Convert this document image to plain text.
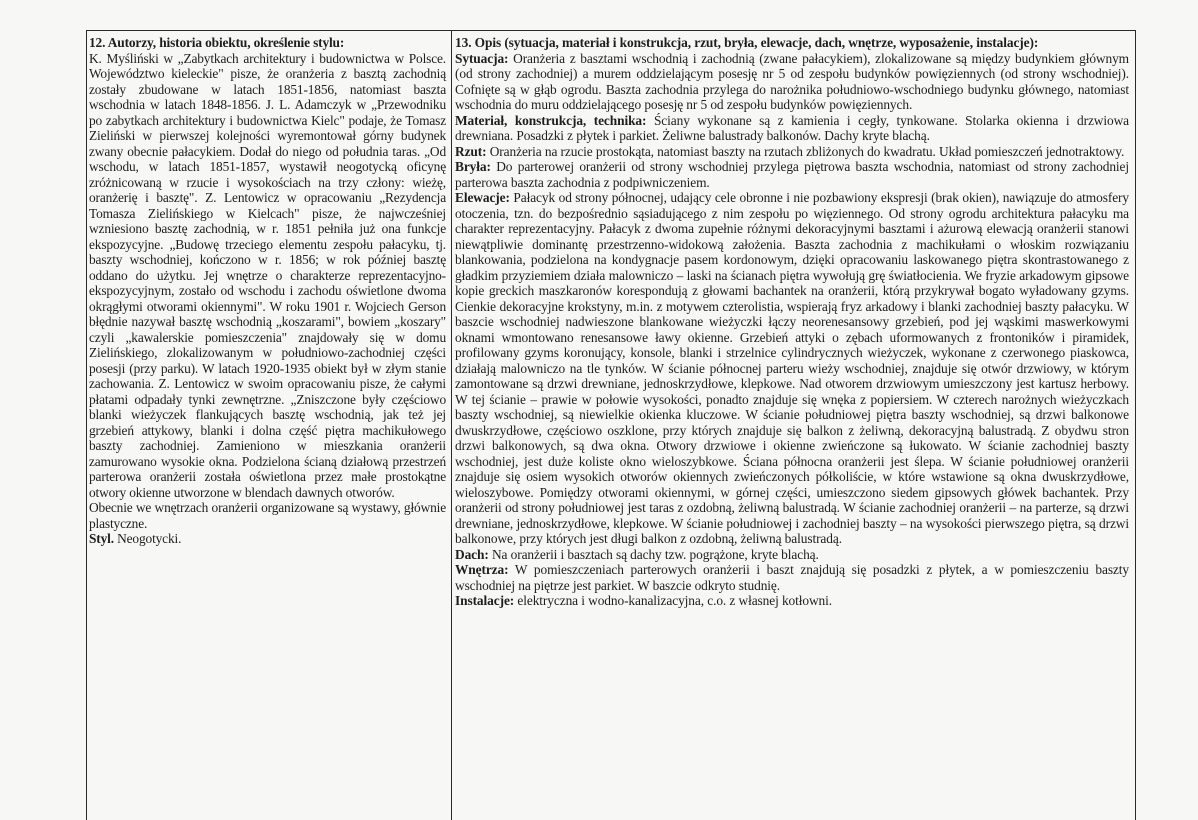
12. Autorzy, historia obiektu, określenie stylu:

K. Myśliński w „Zabytkach architektury i budownictwa w Polsce. Województwo kieleckie" pisze, że oranżeria z basztą zachodnią zostały zbudowane w latach 1851-1856, natomiast baszta wschodnia w latach 1848-1856. J. L. Adamczyk w „Przewodniku po zabytkach architektury i budownictwa Kielc" podaje, że Tomasz Zieliński w pierwszej kolejności wyremontował górny budynek zwany obecnie pałacykiem. Dodał do niego od południa taras. „Od wschodu, w latach 1851-1857, wystawił neogotycką oficynę zróżnicowaną w rzucie i wysokościach na trzy człony: wieżę, oranżerię i basztę". Z. Lentowicz w opracowaniu „Rezydencja Tomasza Zielińskiego w Kielcach" pisze, że najwcześniej wzniesiono basztę zachodnią, w r. 1851 pełniła już ona funkcje ekspozycyjne. „Budowę trzeciego elementu zespołu pałacyku, tj. baszty wschodniej, kończono w r. 1856; w rok później basztę oddano do użytku. Jej wnętrze o charakterze reprezentacyjno-ekspozycyjnym, zostało od wschodu i zachodu oświetlone dwoma okrągłymi otworami okiennymi". W roku 1901 r. Wojciech Gerson błędnie nazywał basztę wschodnią „koszarami", bowiem „koszary" czyli „kawalerskie pomieszczenia" znajdowały się w domu Zielińskiego, zlokalizowanym w południowo-zachodniej części posesji (przy parku). W latach 1920-1935 obiekt był w złym stanie zachowania. Z. Lentowicz w swoim opracowaniu pisze, że całymi płatami odpadały tynki zewnętrzne. „Zniszczone były częściowo blanki wieżyczek flankujących basztę wschodnią, jak też jej grzebień attykowy, blanki i dolna część piętra machikułowego baszty zachodniej. Zamieniono w mieszkania oranżerii zamurowano wysokie okna. Podzielona ścianą działową przestrzeń parterowa oranżerii została oświetlona przez małe prostokątne otwory okienne utworzone w blendach dawnych otworów.

Obecnie we wnętrzach oranżerii organizowane są wystawy, głównie plastyczne.

Styl. Neogotycki.

13. Opis (sytuacja, materiał i konstrukcja, rzut, bryła, elewacje, dach, wnętrze, wyposażenie, instalacje):

Sytuacja: Oranżeria z basztami wschodnią i zachodnią (zwane pałacykiem), zlokalizowane są między budynkiem głównym (od strony zachodniej) a murem oddzielającym posesję nr 5 od zespołu budynków powięziennych (od strony wschodniej). Cofnięte są w głąb ogrodu. Baszta zachodnia przylega do narożnika południowo-wschodniego budynku głównego, natomiast wschodnia do muru oddzielającego posesję nr 5 od zespołu budynków powięziennych.

Materiał, konstrukcja, technika: Ściany wykonane są z kamienia i cegły, tynkowane. Stolarka okienna i drzwiowa drewniana. Posadzki z płytek i parkiet. Żeliwne balustrady balkonów. Dachy kryte blachą.

Rzut: Oranżeria na rzucie prostokąta, natomiast baszty na rzutach zbliżonych do kwadratu. Układ pomieszczeń jednotraktowy.

Bryła: Do parterowej oranżerii od strony wschodniej przylega piętrowa baszta wschodnia, natomiast od strony zachodniej parterowa baszta zachodnia z podpiwniczeniem.

Elewacje: Pałacyk od strony północnej, udający cele obronne i nie pozbawiony ekspresji (brak okien), nawiązuje do atmosfery otoczenia, tzn. do bezpośrednio sąsiadującego z nim zespołu po więziennego. Od strony ogrodu architektura pałacyku ma charakter reprezentacyjny. Pałacyk z dwoma zupełnie różnymi dekoracyjnymi basztami i ażurową elewacją oranżerii stanowi niewątpliwie dominantę przestrzenno-widokową założenia. Baszta zachodnia z machikułami o włoskim rozwiązaniu blankowania, podzielona na kondygnacje pasem kordonowym, dzięki opracowaniu laskowanego piętra skontrastowanego z gładkim przyziemiem działa malowniczo – laski na ścianach piętra wywołują grę światłocienia. We fryzie arkadowym gipsowe kopie greckich maszkaronów korespondują z głowami bachantek na oranżerii, którą przykrywał bogato wyładowany gzyms. Cienkie dekoracyjne krokstyny, m.in. z motywem czterolistia, wspierają fryz arkadowy i blanki zachodniej baszty pałacyku. W baszcie wschodniej nadwieszone blankowane wieżyczki łączy neorenesansowy grzebień, pod jej wąskimi maswerkowymi oknami wmontowano renesansowe ławy okienne. Grzebień attyki o zębach uformowanych z frontoników i piramidek, profilowany gzyms koronujący, konsole, blanki i strzelnice cylindrycznych wieżyczek, wykonane z czerwonego piaskowca, działają malowniczo na tle tynków. W ścianie północnej parteru wieży wschodniej, znajduje się otwór drzwiowy, w którym zamontowane są drzwi drewniane, jednoskrzydłowe, klepkowe. Nad otworem drzwiowym umieszczony jest kartusz herbowy. W tej ścianie – prawie w połowie wysokości, ponadto znajduje się wnęka z popiersiem. W czterech narożnych wieżyczkach baszty wschodniej, są niewielkie okienka kluczowe. W ścianie południowej piętra baszty wschodniej, są drzwi balkonowe dwuskrzydłowe, częściowo oszklone, przy których znajduje się balkon z żeliwną, dekoracyjną balustradą. Z obydwu stron drzwi balkonowych, są dwa okna. Otwory drzwiowe i okienne zwieńczone są łukowato. W ścianie zachodniej baszty wschodniej, jest duże koliste okno wieloszybkowe. Ściana północna oranżerii jest ślepa. W ścianie południowej oranżerii znajduje się osiem wysokich otworów okiennych zwieńczonych półkoliście, w które wstawione są okna dwuskrzydłowe, wieloszybowe. Pomiędzy otworami okiennymi, w górnej części, umieszczono siedem gipsowych główek bachantek. Przy oranżerii od strony południowej jest taras z ozdobną, żeliwną balustradą. W ścianie zachodniej oranżerii – na parterze, są drzwi drewniane, jednoskrzydłowe, klepkowe. W ścianie południowej i zachodniej baszty – na wysokości pierwszego piętra, są drzwi balkonowe, przy których jest długi balkon z ozdobną, żeliwną balustradą.

Dach: Na oranżerii i basztach są dachy tzw. pogrążone, kryte blachą.

Wnętrza: W pomieszczeniach parterowych oranżerii i baszt znajdują się posadzki z płytek, a w pomieszczeniu baszty wschodniej na piętrze jest parkiet. W baszcie odkryto studnię.

Instalacje: elektryczna i wodno-kanalizacyjna, c.o. z własnej kotłowni.
